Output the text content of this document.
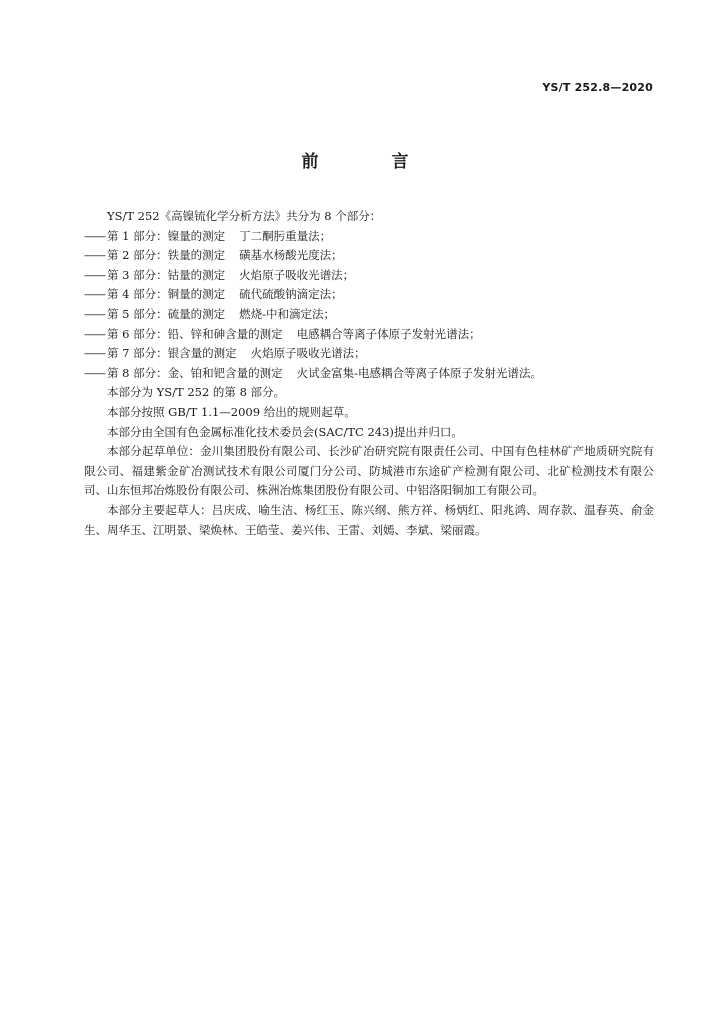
YS/T 252.8—2020
前　言

YS/T 252《高镍锍化学分析方法》共分为 8 个部分：

—— 第 1 部分：镍量的测定 丁二酮肟重量法；

—— 第 2 部分：铁量的测定 磺基水杨酸光度法；

—— 第 3 部分：钴量的测定 火焰原子吸收光谱法；

—— 第 4 部分：铜量的测定 硫代硫酸钠滴定法；

—— 第 5 部分：硫量的测定 燃烧-中和滴定法；

—— 第 6 部分：铅、锌和砷含量的测定 电感耦合等离子体原子发射光谱法；

—— 第 7 部分：银含量的测定 火焰原子吸收光谱法；

—— 第 8 部分：金、铂和钯含量的测定 火试金富集-电感耦合等离子体原子发射光谱法。

本部分为 YS/T 252 的第 8 部分。

本部分按照 GB/T 1.1—2009 给出的规则起草。

本部分由全国有色金属标准化技术委员会(SAC/TC 243)提出并归口。

本部分起草单位：金川集团股份有限公司、长沙矿冶研究院有限责任公司、中国有色桂林矿产地质研究院有限公司、福建紫金矿冶测试技术有限公司厦门分公司、防城港市东途矿产检测有限公司、北矿检测技术有限公司、山东恒邦冶炼股份有限公司、株洲冶炼集团股份有限公司、中铝洛阳铜加工有限公司。

本部分主要起草人：吕庆成、喻生洁、杨红玉、陈兴纲、熊方祥、杨炳红、阳兆鸿、周存款、温春英、俞金生、周华玉、江明景、梁焕林、王皓莹、姜兴伟、王雷、刘嫣、李斌、梁丽霞。
